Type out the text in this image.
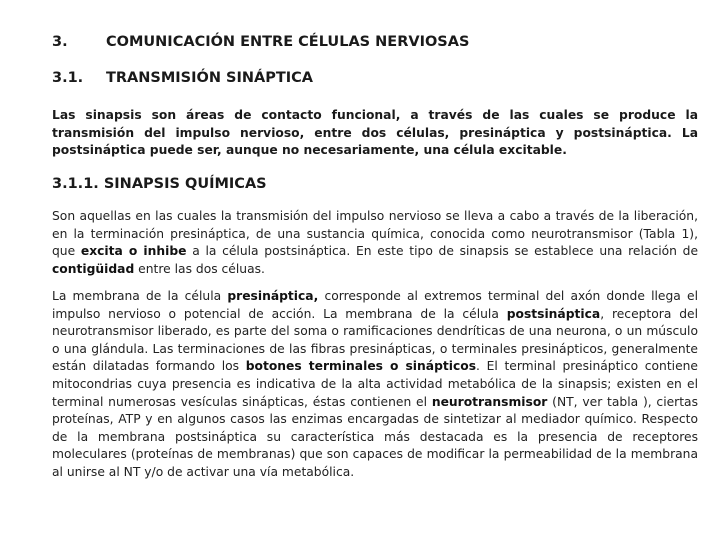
3.	COMUNICACIÓN ENTRE CÉLULAS NERVIOSAS
3.1. TRANSMISIÓN SINÁPTICA

Las sinapsis son áreas de contacto funcional, a través de las cuales se produce la transmisión del impulso nervioso, entre dos células, presináptica y postsináptica. La postsináptica puede ser, aunque no necesariamente, una célula excitable.

3.1.1. SINAPSIS QUÍMICAS

Son aquellas en las cuales la transmisión del impulso nervioso se lleva a cabo a través de la liberación, en la terminación presináptica, de una sustancia química, conocida como neurotransmisor (Tabla 1), que excita o inhibe a la célula postsináptica. En este tipo de sinapsis se establece una relación de contigüidad entre las dos céluas.

La membrana de la célula presináptica, corresponde al extremos terminal del axón donde llega el impulso nervioso o potencial de acción. La membrana de la célula postsináptica, receptora del neurotransmisor liberado, es parte del soma o ramificaciones dendríticas de una neurona, o un músculo o una glándula. Las terminaciones de las fibras presinápticas, o terminales presinápticos, generalmente están dilatadas formando los botones terminales o sinápticos. El terminal presináptico contiene mitocondrias cuya presencia es indicativa de la alta actividad metabólica de la sinapsis; existen en el terminal numerosas vesículas sinápticas, éstas contienen el neurotransmisor (NT, ver tabla ), ciertas proteínas, ATP y en algunos casos las enzimas encargadas de sintetizar al mediador químico. Respecto de la membrana postsináptica su característica más destacada es la presencia de receptores moleculares (proteínas de membranas) que son capaces de modificar la permeabilidad de la membrana al unirse al NT y/o de activar una vía metabólica.
